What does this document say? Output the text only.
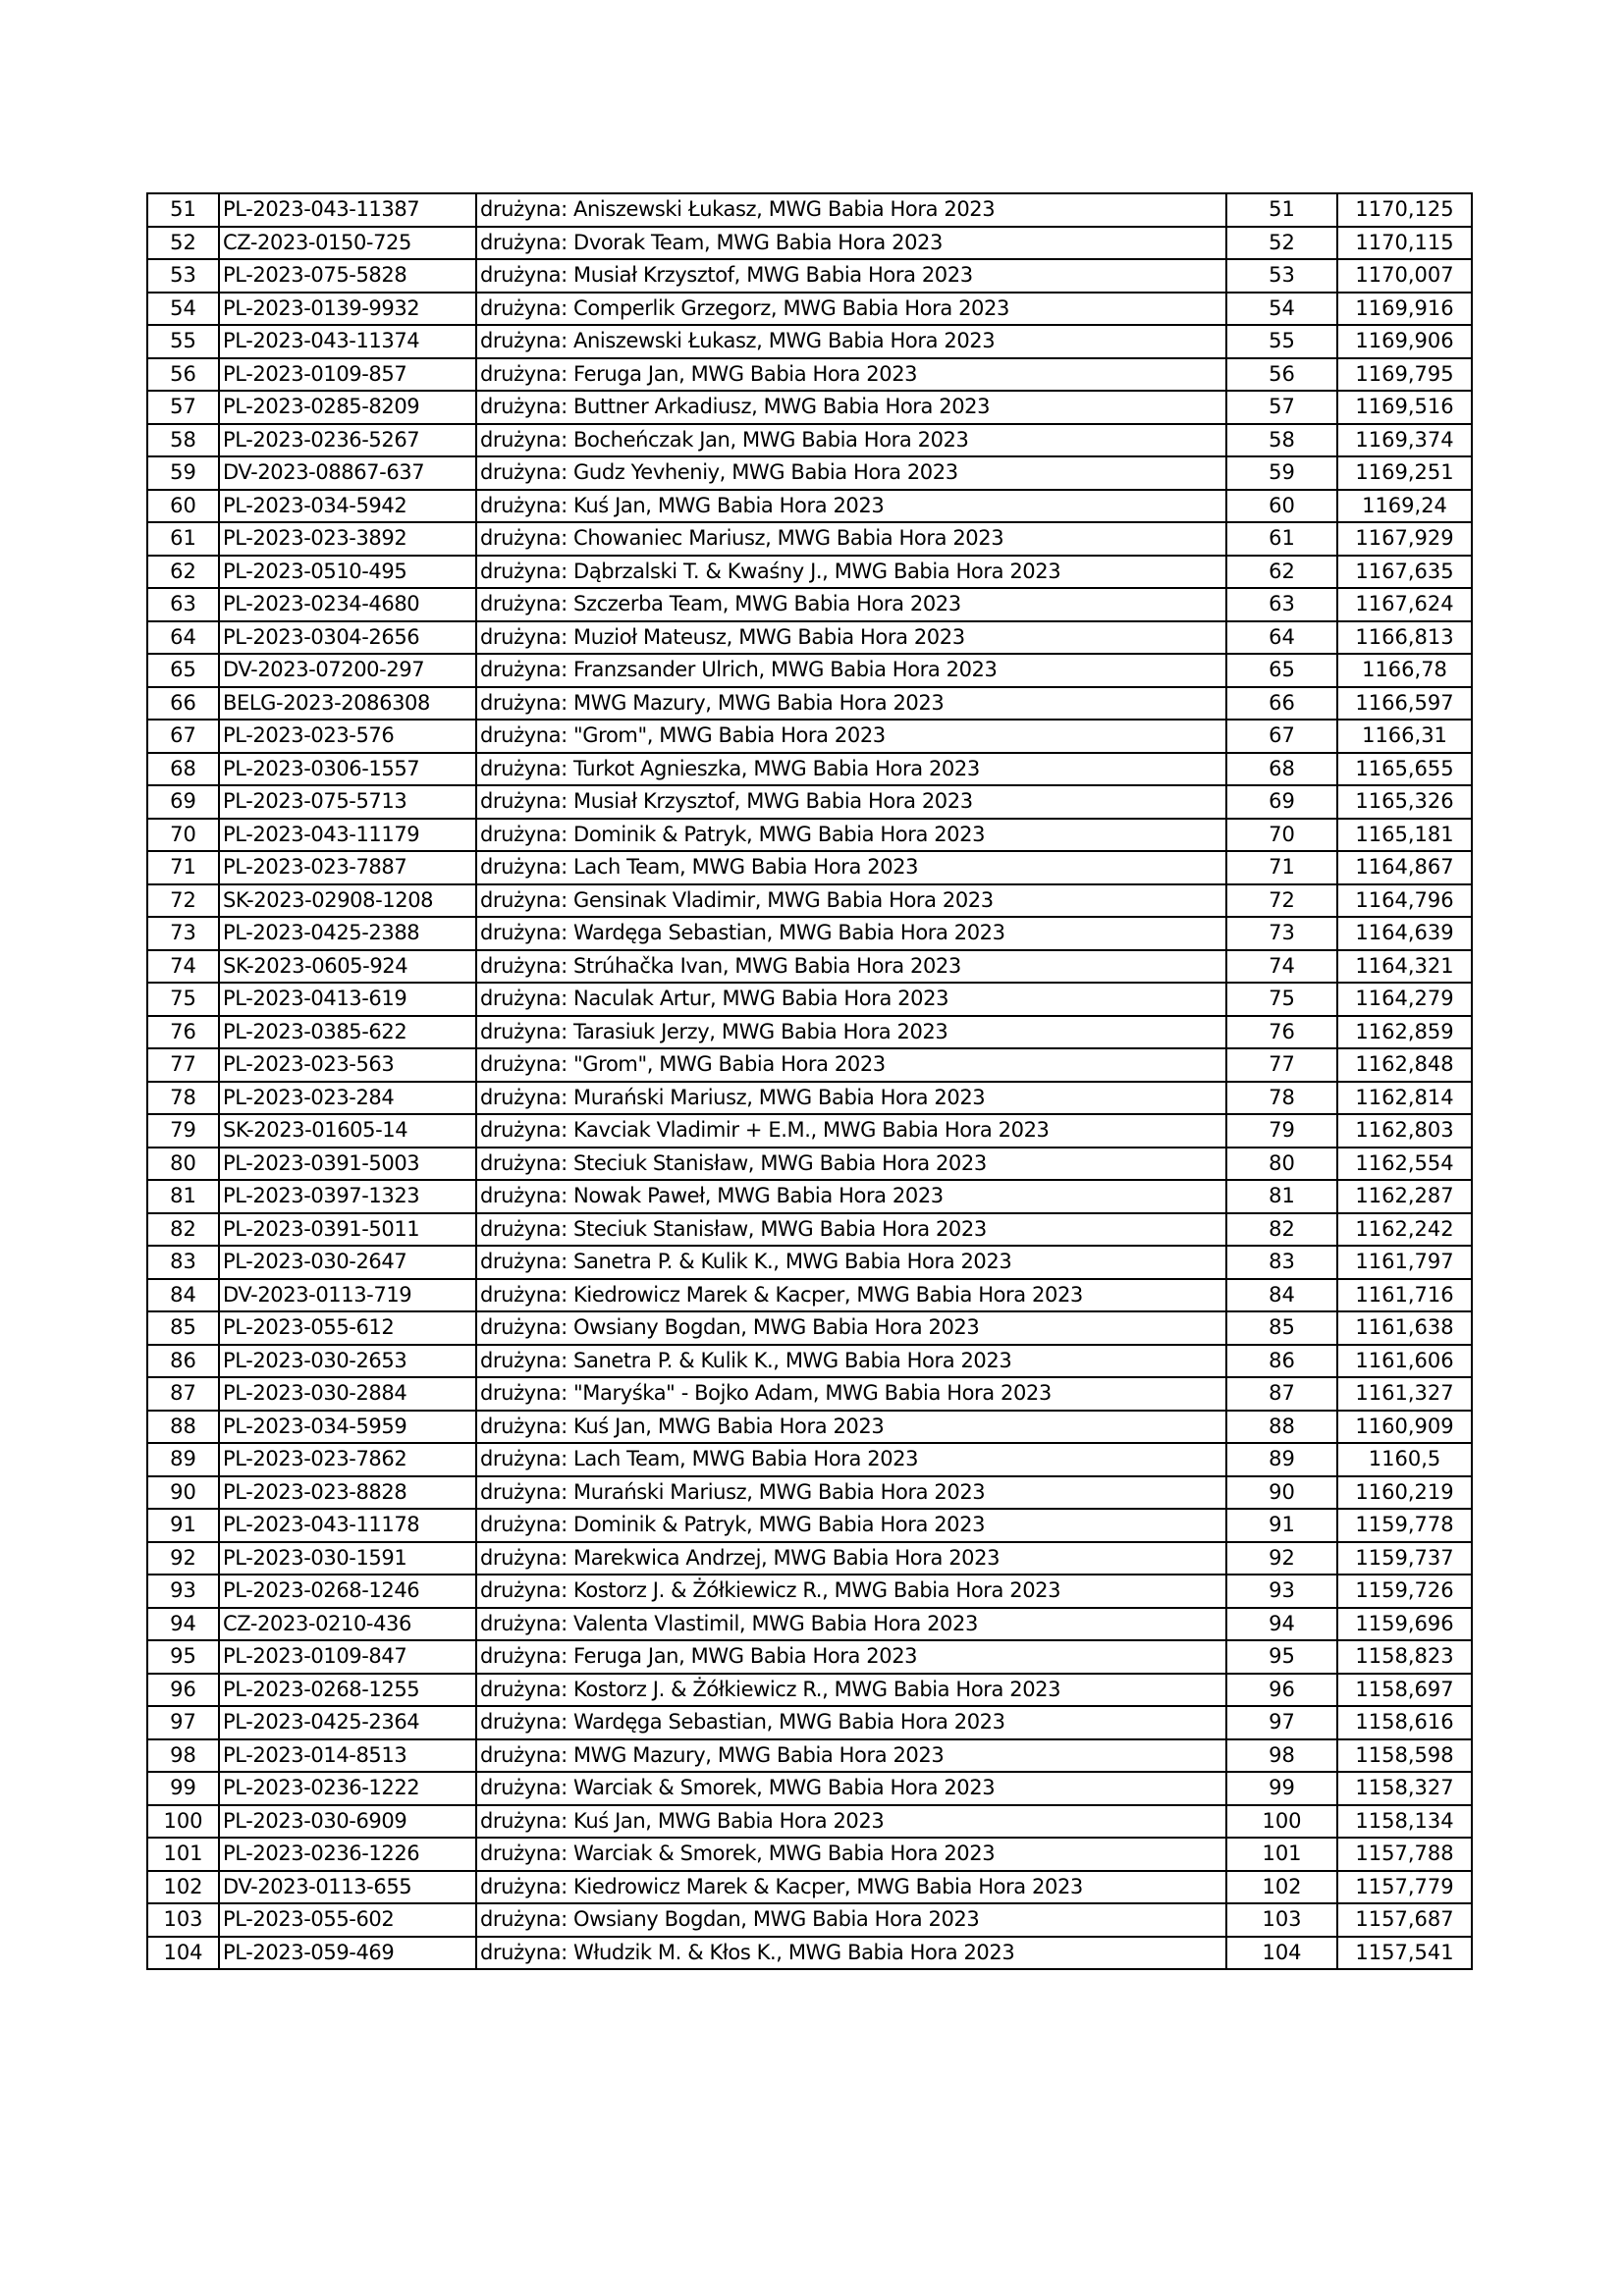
51	PL-2023-043-11387	drużyna: Aniszewski Łukasz, MWG Babia Hora 2023	51	1170,125
52	CZ-2023-0150-725	drużyna: Dvorak Team, MWG Babia Hora 2023	52	1170,115
53	PL-2023-075-5828	drużyna: Musiał Krzysztof, MWG Babia Hora 2023	53	1170,007
54	PL-2023-0139-9932	drużyna: Comperlik Grzegorz, MWG Babia Hora 2023	54	1169,916
55	PL-2023-043-11374	drużyna: Aniszewski Łukasz, MWG Babia Hora 2023	55	1169,906
56	PL-2023-0109-857	drużyna: Feruga Jan, MWG Babia Hora 2023	56	1169,795
57	PL-2023-0285-8209	drużyna: Buttner Arkadiusz, MWG Babia Hora 2023	57	1169,516
58	PL-2023-0236-5267	drużyna: Bocheńczak Jan, MWG Babia Hora 2023	58	1169,374
59	DV-2023-08867-637	drużyna: Gudz Yevheniy, MWG Babia Hora 2023	59	1169,251
60	PL-2023-034-5942	drużyna: Kuś Jan, MWG Babia Hora 2023	60	1169,24
61	PL-2023-023-3892	drużyna: Chowaniec Mariusz, MWG Babia Hora 2023	61	1167,929
62	PL-2023-0510-495	drużyna: Dąbrzalski T. & Kwaśny J., MWG Babia Hora 2023	62	1167,635
63	PL-2023-0234-4680	drużyna: Szczerba Team, MWG Babia Hora 2023	63	1167,624
64	PL-2023-0304-2656	drużyna: Muzioł Mateusz, MWG Babia Hora 2023	64	1166,813
65	DV-2023-07200-297	drużyna: Franzsander Ulrich, MWG Babia Hora 2023	65	1166,78
66	BELG-2023-2086308	drużyna: MWG Mazury, MWG Babia Hora 2023	66	1166,597
67	PL-2023-023-576	drużyna: "Grom", MWG Babia Hora 2023	67	1166,31
68	PL-2023-0306-1557	drużyna: Turkot Agnieszka, MWG Babia Hora 2023	68	1165,655
69	PL-2023-075-5713	drużyna: Musiał Krzysztof, MWG Babia Hora 2023	69	1165,326
70	PL-2023-043-11179	drużyna: Dominik & Patryk, MWG Babia Hora 2023	70	1165,181
71	PL-2023-023-7887	drużyna: Lach Team, MWG Babia Hora 2023	71	1164,867
72	SK-2023-02908-1208	drużyna: Gensinak Vladimir, MWG Babia Hora 2023	72	1164,796
73	PL-2023-0425-2388	drużyna: Wardęga Sebastian, MWG Babia Hora 2023	73	1164,639
74	SK-2023-0605-924	drużyna: Strúhačka Ivan, MWG Babia Hora 2023	74	1164,321
75	PL-2023-0413-619	drużyna: Naculak Artur, MWG Babia Hora 2023	75	1164,279
76	PL-2023-0385-622	drużyna: Tarasiuk Jerzy, MWG Babia Hora 2023	76	1162,859
77	PL-2023-023-563	drużyna: "Grom", MWG Babia Hora 2023	77	1162,848
78	PL-2023-023-284	drużyna: Murański Mariusz, MWG Babia Hora 2023	78	1162,814
79	SK-2023-01605-14	drużyna: Kavciak Vladimir + E.M., MWG Babia Hora 2023	79	1162,803
80	PL-2023-0391-5003	drużyna: Steciuk Stanisław, MWG Babia Hora 2023	80	1162,554
81	PL-2023-0397-1323	drużyna: Nowak Paweł, MWG Babia Hora 2023	81	1162,287
82	PL-2023-0391-5011	drużyna: Steciuk Stanisław, MWG Babia Hora 2023	82	1162,242
83	PL-2023-030-2647	drużyna: Sanetra P. & Kulik K., MWG Babia Hora 2023	83	1161,797
84	DV-2023-0113-719	drużyna: Kiedrowicz Marek & Kacper, MWG Babia Hora 2023	84	1161,716
85	PL-2023-055-612	drużyna: Owsiany Bogdan, MWG Babia Hora 2023	85	1161,638
86	PL-2023-030-2653	drużyna: Sanetra P. & Kulik K., MWG Babia Hora 2023	86	1161,606
87	PL-2023-030-2884	drużyna: "Maryśka" - Bojko Adam, MWG Babia Hora 2023	87	1161,327
88	PL-2023-034-5959	drużyna: Kuś Jan, MWG Babia Hora 2023	88	1160,909
89	PL-2023-023-7862	drużyna: Lach Team, MWG Babia Hora 2023	89	1160,5
90	PL-2023-023-8828	drużyna: Murański Mariusz, MWG Babia Hora 2023	90	1160,219
91	PL-2023-043-11178	drużyna: Dominik & Patryk, MWG Babia Hora 2023	91	1159,778
92	PL-2023-030-1591	drużyna: Marekwica Andrzej, MWG Babia Hora 2023	92	1159,737
93	PL-2023-0268-1246	drużyna: Kostorz J. & Żółkiewicz R., MWG Babia Hora 2023	93	1159,726
94	CZ-2023-0210-436	drużyna: Valenta Vlastimil, MWG Babia Hora 2023	94	1159,696
95	PL-2023-0109-847	drużyna: Feruga Jan, MWG Babia Hora 2023	95	1158,823
96	PL-2023-0268-1255	drużyna: Kostorz J. & Żółkiewicz R., MWG Babia Hora 2023	96	1158,697
97	PL-2023-0425-2364	drużyna: Wardęga Sebastian, MWG Babia Hora 2023	97	1158,616
98	PL-2023-014-8513	drużyna: MWG Mazury, MWG Babia Hora 2023	98	1158,598
99	PL-2023-0236-1222	drużyna: Warciak & Smorek, MWG Babia Hora 2023	99	1158,327
100	PL-2023-030-6909	drużyna: Kuś Jan, MWG Babia Hora 2023	100	1158,134
101	PL-2023-0236-1226	drużyna: Warciak & Smorek, MWG Babia Hora 2023	101	1157,788
102	DV-2023-0113-655	drużyna: Kiedrowicz Marek & Kacper, MWG Babia Hora 2023	102	1157,779
103	PL-2023-055-602	drużyna: Owsiany Bogdan, MWG Babia Hora 2023	103	1157,687
104	PL-2023-059-469	drużyna: Włudzik M. & Kłos K., MWG Babia Hora 2023	104	1157,541
